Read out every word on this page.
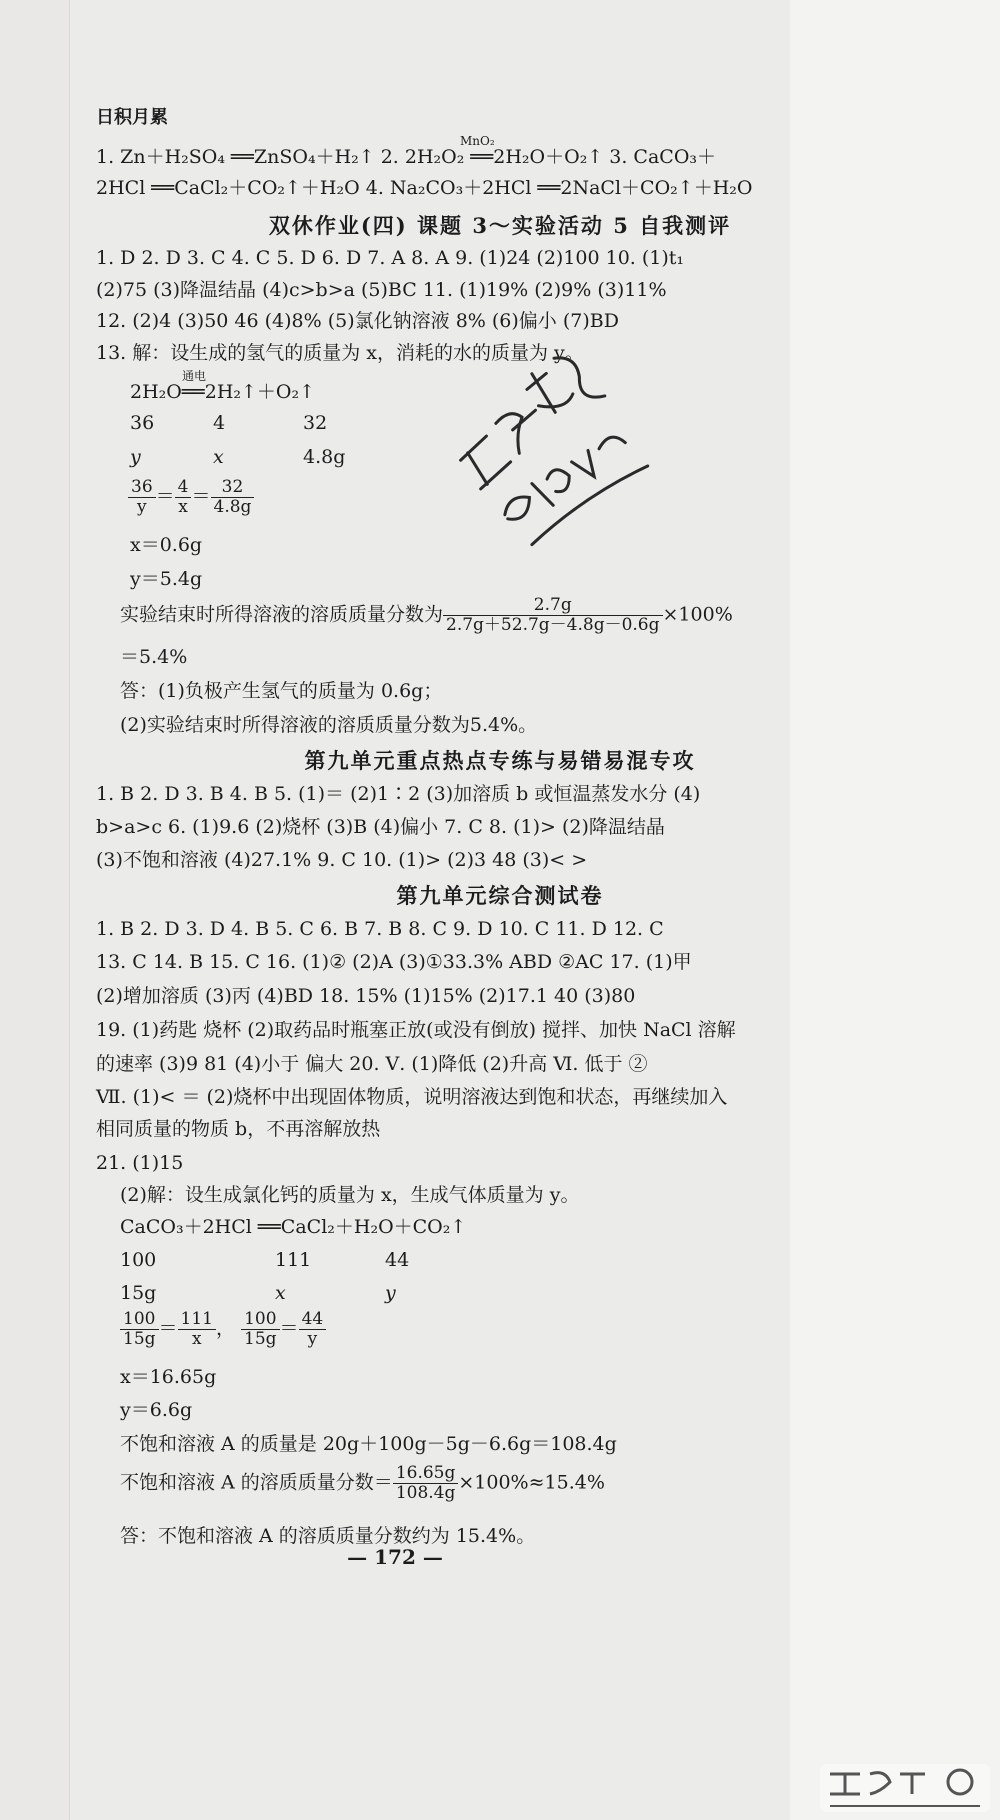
日积月累
1. Zn＋H₂SO₄ ══ZnSO₄＋H₂↑ 2. 2H₂O₂ ══2H₂O＋O₂↑ 3. CaCO₃＋
MnO₂
2HCl ══CaCl₂＋CO₂↑＋H₂O 4. Na₂CO₃＋2HCl ══2NaCl＋CO₂↑＋H₂O
双休作业(四) 课题 3～实验活动 5 自我测评
1. D 2. D 3. C 4. C 5. D 6. D 7. A 8. A 9. (1)24 (2)100 10. (1)t₁
(2)75 (3)降温结晶 (4)c>b>a (5)BC 11. (1)19% (2)9% (3)11%
12. (2)4 (3)50 46 (4)8% (5)氯化钠溶液 8% (6)偏小 (7)BD
13. 解：设生成的氢气的质量为 x，消耗的水的质量为 y。
通电
2H₂O══2H₂↑＋O₂↑
36	4	32
y	x	4.8g
$\frac{36}{y} = \frac{4}{x} = \frac{32}{4.8g}$
x＝0.6g
y＝5.4g
实验结束时所得溶液的溶质质量分数为 $\frac{2.7g}{2.7g+52.7g-4.8g-0.6g} \times 100\%$
＝5.4%
答：(1)负极产生氢气的质量为 0.6g；
(2)实验结束时所得溶液的溶质质量分数为5.4%。
第九单元重点热点专练与易错易混专攻
1. B 2. D 3. B 4. B 5. (1)＝ (2)1∶2 (3)加溶质 b 或恒温蒸发水分 (4)
b>a>c 6. (1)9.6 (2)烧杯 (3)B (4)偏小 7. C 8. (1)> (2)降温结晶
(3)不饱和溶液 (4)27.1% 9. C 10. (1)> (2)3 48 (3)< >
第九单元综合测试卷
1. B 2. D 3. D 4. B 5. C 6. B 7. B 8. C 9. D 10. C 11. D 12. C
13. C 14. B 15. C 16. (1)② (2)A (3)①33.3% ABD ②AC 17. (1)甲
(2)增加溶质 (3)丙 (4)BD 18. 15% (1)15% (2)17.1 40 (3)80
19. (1)药匙 烧杯 (2)取药品时瓶塞正放(或没有倒放) 搅拌、加快 NaCl 溶解
的速率 (3)9 81 (4)小于 偏大 20. Ⅴ. (1)降低 (2)升高 Ⅵ. 低于 ②
Ⅶ. (1)< ＝ (2)烧杯中出现固体物质，说明溶液达到饱和状态，再继续加入
相同质量的物质 b，不再溶解放热
21. (1)15
(2)解：设生成氯化钙的质量为 x，生成气体质量为 y。
CaCO₃＋2HCl ══CaCl₂＋H₂O＋CO₂↑
100	111	44
15g	x	y
$\frac{100}{15g} = \frac{111}{x}$ ， $\frac{100}{15g} = \frac{44}{y}$
x＝16.65g
y＝6.6g
不饱和溶液 A 的质量是 20g＋100g－5g－6.6g＝108.4g
不饱和溶液 A 的溶质质量分数＝ $\frac{16.65g}{108.4g} \times 100\%\approx 15.4\%$
答：不饱和溶液 A 的溶质质量分数约为 15.4%。
— 172 —
